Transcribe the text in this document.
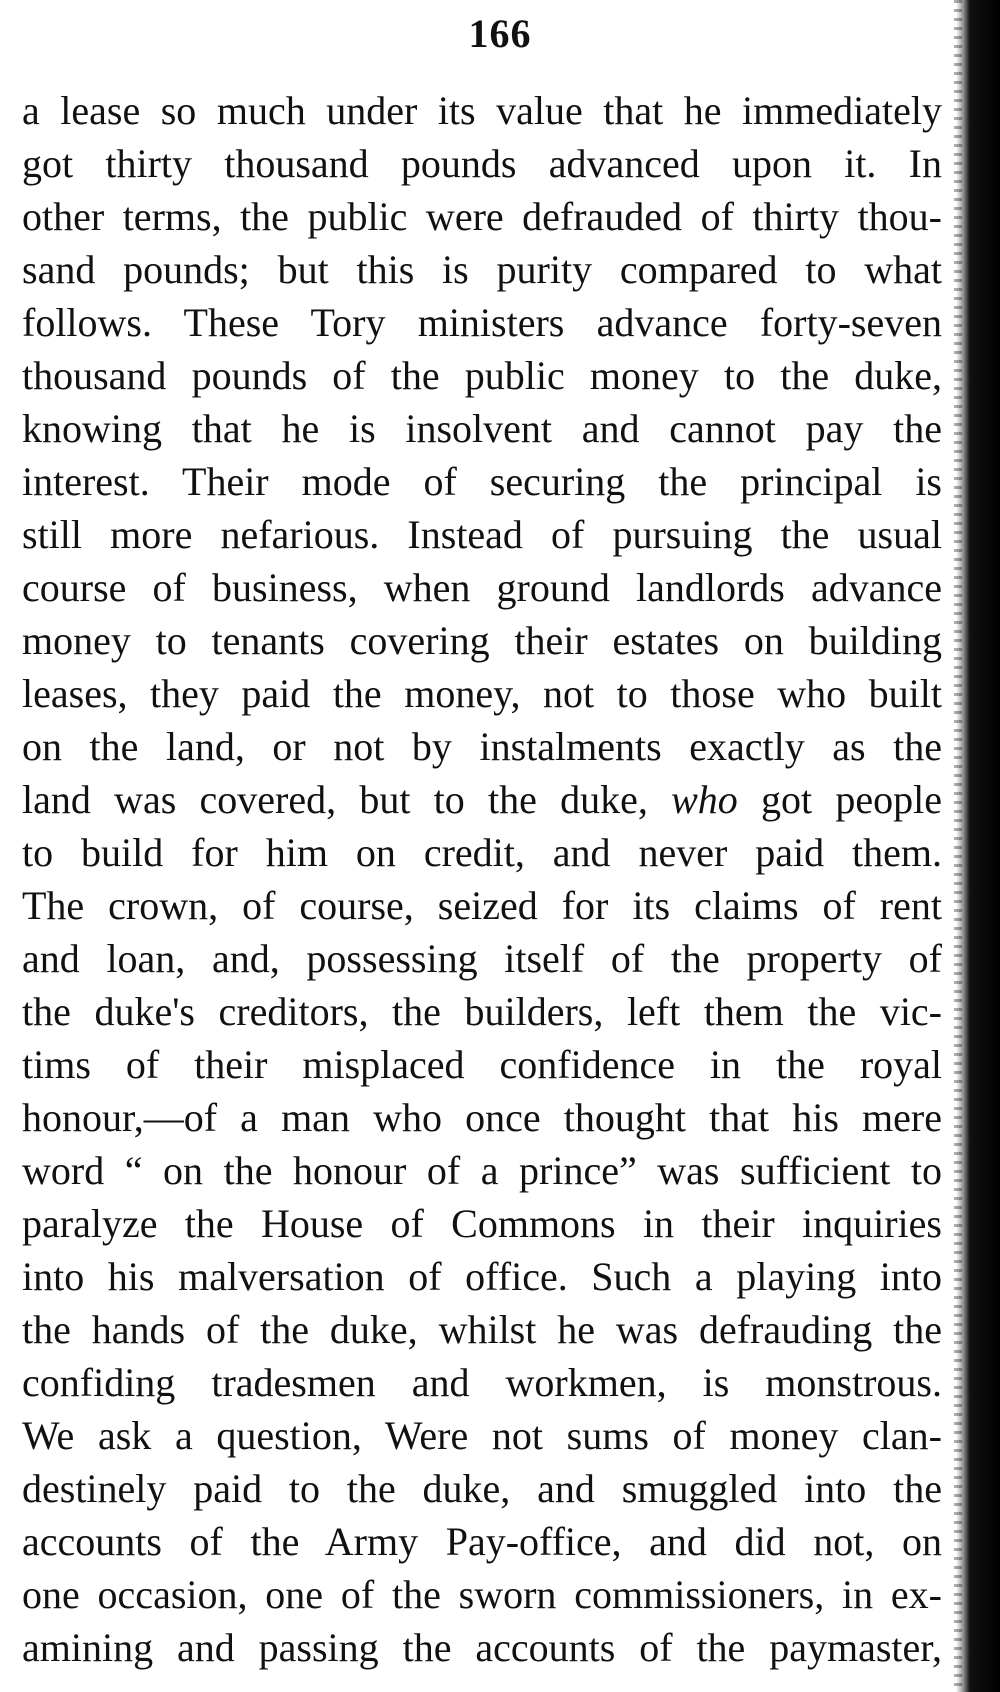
166
a lease so much under its value that he immediately
got thirty thousand pounds advanced upon it. In
other terms, the public were defrauded of thirty thou-
sand pounds; but this is purity compared to what
follows. These Tory ministers advance forty-seven
thousand pounds of the public money to the duke,
knowing that he is insolvent and cannot pay the
interest. Their mode of securing the principal is
still more nefarious. Instead of pursuing the usual
course of business, when ground landlords advance
money to tenants covering their estates on building
leases, they paid the money, not to those who built
on the land, or not by instalments exactly as the
land was covered, but to the duke, who got people
to build for him on credit, and never paid them.
The crown, of course, seized for its claims of rent
and loan, and, possessing itself of the property of
the duke's creditors, the builders, left them the vic-
tims of their misplaced confidence in the royal
honour,—of a man who once thought that his mere
word “ on the honour of a prince” was sufficient to
paralyze the House of Commons in their inquiries
into his malversation of office. Such a playing into
the hands of the duke, whilst he was defrauding the
confiding tradesmen and workmen, is monstrous.
We ask a question, Were not sums of money clan-
destinely paid to the duke, and smuggled into the
accounts of the Army Pay-office, and did not, on
one occasion, one of the sworn commissioners, in ex-
amining and passing the accounts of the paymaster,
